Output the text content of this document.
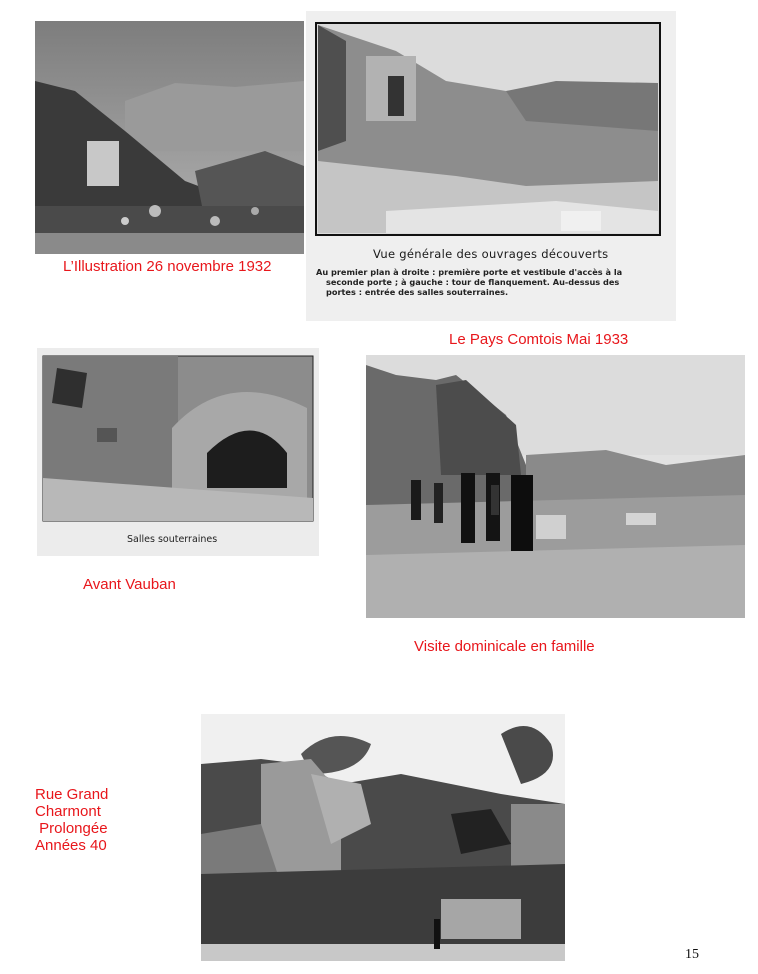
L’Illustration 26 novembre 1932
Vue générale des ouvrages découverts
Au premier plan à droite : première porte et vestibule d'accès à la
seconde porte ; à gauche : tour de flanquement. Au-dessus des
portes : entrée des salles souterraines.
Le Pays Comtois Mai 1933
Salles souterraines
Avant Vauban
Visite dominicale en famille
Rue Grand
Charmont
Prolongée
Années 40
15
